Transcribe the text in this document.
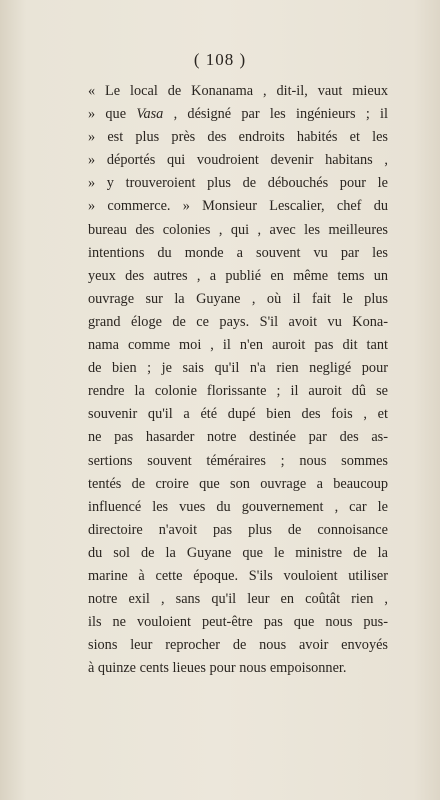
( 108 )
« Le local de Konanama , dit-il, vaut mieux
» que Vasa , désigné par les ingénieurs ; il
» est plus près des endroits habités et les
» déportés qui voudroient devenir habitans ,
» y trouveroient plus de débouchés pour le
» commerce. » Monsieur Lescalier, chef du
bureau des colonies , qui , avec les meilleures
intentions du monde a souvent vu par les
yeux des autres , a publié en même tems un
ouvrage sur la Guyane , où il fait le plus
grand éloge de ce pays. S'il avoit vu Kona-
nama comme moi , il n'en auroit pas dit tant
de bien ; je sais qu'il n'a rien negligé pour
rendre la colonie florissante ; il auroit dû se
souvenir qu'il a été dupé bien des fois , et
ne pas hasarder notre destinée par des as-
sertions souvent téméraires ; nous sommes
tentés de croire que son ouvrage a beaucoup
influencé les vues du gouvernement , car le
directoire n'avoit pas plus de connoisance
du sol de la Guyane que le ministre de la
marine à cette époque. S'ils vouloient utiliser
notre exil , sans qu'il leur en coûtât rien ,
ils ne vouloient peut-être pas que nous pus-
sions leur reprocher de nous avoir envoyés
à quinze cents lieues pour nous empoisonner.
